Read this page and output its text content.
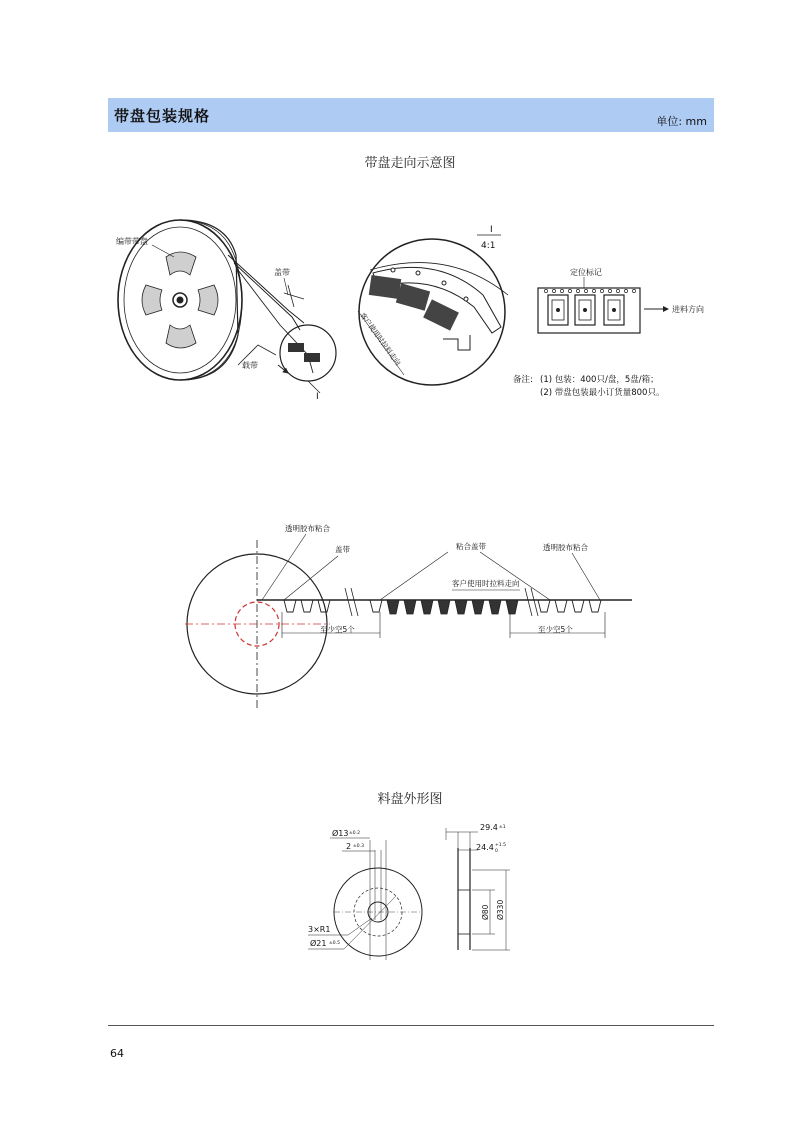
带盘包装规格	单位: mm
带盘走向示意图
I
编带带盘
盖带
载带	客户使用时拉料走向
I
4:1
定位标记
进料方向
备注: (1) 包装：400只/盘，5盘/箱；
(2) 带盘包装最小订货量800只。
透明胶布粘合
盖带	粘合盖带	透明胶布粘合
客户使用时拉料走向
至少空5个	至少空5个
料盘外形图
Ø13 ±0.2
2 ±0.3
3×R1
Ø21 ±0.5
29.4 ±1
24.4 +1.5
0
Ø80 Ø330
64
